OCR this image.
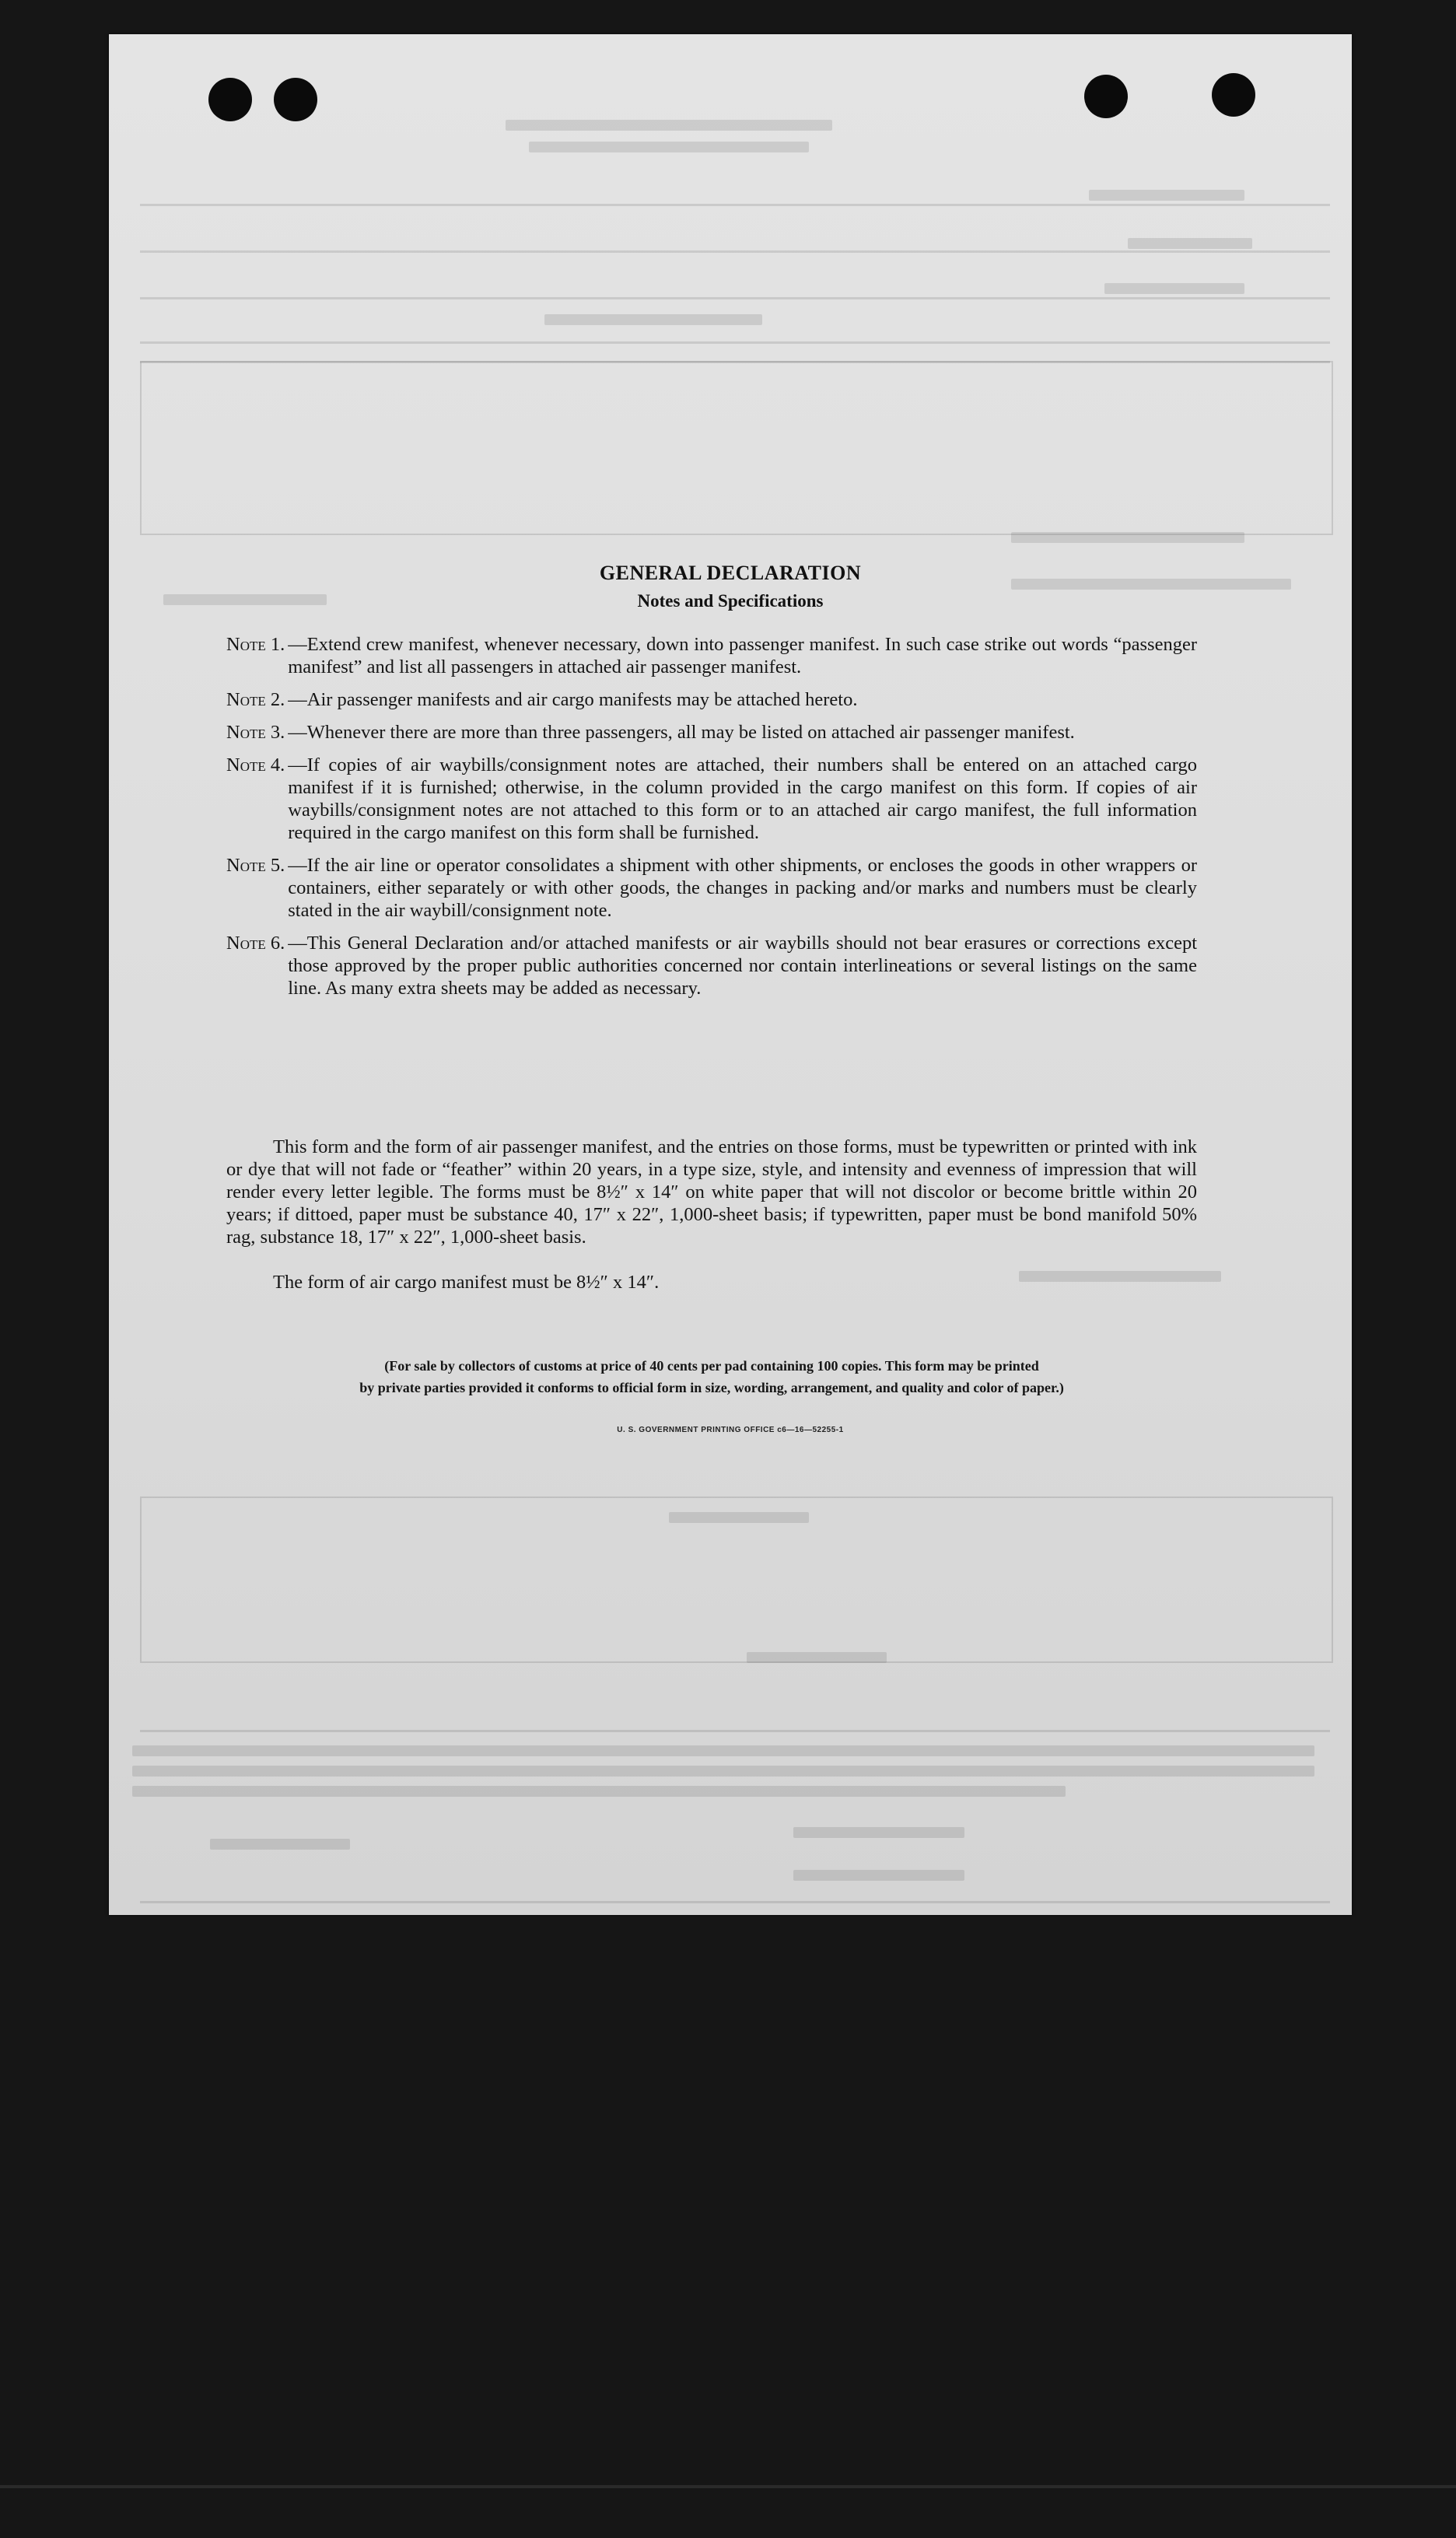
GENERAL DECLARATION
Notes and Specifications
Note 1. —Extend crew manifest, whenever necessary, down into passenger manifest. In such case strike out words “passenger manifest” and list all passengers in attached air passenger manifest.
Note 2. —Air passenger manifests and air cargo manifests may be attached hereto.
Note 3. —Whenever there are more than three passengers, all may be listed on attached air passenger manifest.
Note 4. —If copies of air waybills/consignment notes are attached, their numbers shall be entered on an attached cargo manifest if it is furnished; otherwise, in the column provided in the cargo manifest on this form. If copies of air waybills/consignment notes are not attached to this form or to an attached air cargo manifest, the full information required in the cargo manifest on this form shall be furnished.
Note 5. —If the air line or operator consolidates a shipment with other shipments, or encloses the goods in other wrappers or containers, either separately or with other goods, the changes in packing and/or marks and numbers must be clearly stated in the air waybill/consignment note.
Note 6. —This General Declaration and/or attached manifests or air waybills should not bear erasures or corrections except those approved by the proper public authorities concerned nor contain interlineations or several listings on the same line. As many extra sheets may be added as necessary.
This form and the form of air passenger manifest, and the entries on those forms, must be typewritten or printed with ink or dye that will not fade or “feather” within 20 years, in a type size, style, and intensity and evenness of impression that will render every letter legible. The forms must be 8½″ x 14″ on white paper that will not discolor or become brittle within 20 years; if dittoed, paper must be substance 40, 17″ x 22″, 1,000-sheet basis; if typewritten, paper must be bond manifold 50% rag, substance 18, 17″ x 22″, 1,000-sheet basis.
The form of air cargo manifest must be 8½″ x 14″.
(For sale by collectors of customs at price of 40 cents per pad containing 100 copies. This form may be printed
by private parties provided it conforms to official form in size, wording, arrangement, and quality and color of paper.)
U. S. GOVERNMENT PRINTING OFFICE c6—16—52255-1
